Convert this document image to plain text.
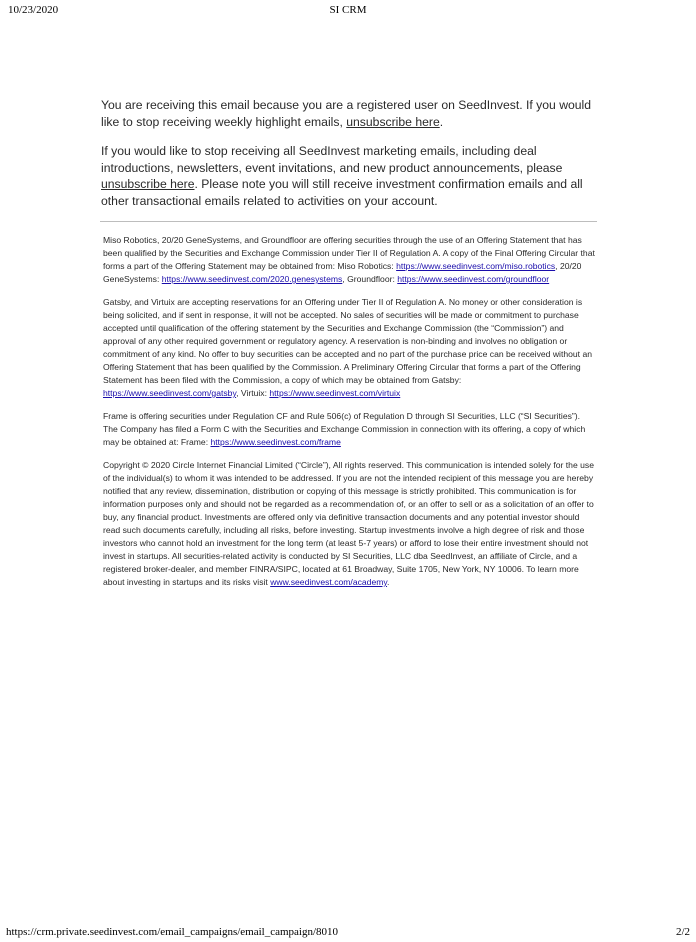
10/23/2020	SI CRM

You are receiving this email because you are a registered user on SeedInvest. If you would like to stop receiving weekly highlight emails, unsubscribe here.

If you would like to stop receiving all SeedInvest marketing emails, including deal introductions, newsletters, event invitations, and new product announcements, please unsubscribe here. Please note you will still receive investment confirmation emails and all other transactional emails related to activities on your account.

Miso Robotics, 20/20 GeneSystems, and Groundfloor are offering securities through the use of an Offering Statement that has been qualified by the Securities and Exchange Commission under Tier II of Regulation A. A copy of the Final Offering Circular that forms a part of the Offering Statement may be obtained from: Miso Robotics: https://www.seedinvest.com/miso.robotics, 20/20 GeneSystems: https://www.seedinvest.com/2020.genesystems, Groundfloor: https://www.seedinvest.com/groundfloor

Gatsby, and Virtuix are accepting reservations for an Offering under Tier II of Regulation A. No money or other consideration is being solicited, and if sent in response, it will not be accepted. No sales of securities will be made or commitment to purchase accepted until qualification of the offering statement by the Securities and Exchange Commission (the “Commission”) and approval of any other required government or regulatory agency. A reservation is non-binding and involves no obligation or commitment of any kind. No offer to buy securities can be accepted and no part of the purchase price can be received without an Offering Statement that has been qualified by the Commission. A Preliminary Offering Circular that forms a part of the Offering Statement has been filed with the Commission, a copy of which may be obtained from Gatsby: https://www.seedinvest.com/gatsby, Virtuix: https://www.seedinvest.com/virtuix

Frame is offering securities under Regulation CF and Rule 506(c) of Regulation D through SI Securities, LLC (“SI Securities”). The Company has filed a Form C with the Securities and Exchange Commission in connection with its offering, a copy of which may be obtained at: Frame: https://www.seedinvest.com/frame

Copyright © 2020 Circle Internet Financial Limited (“Circle”), All rights reserved. This communication is intended solely for the use of the individual(s) to whom it was intended to be addressed. If you are not the intended recipient of this message you are hereby notified that any review, dissemination, distribution or copying of this message is strictly prohibited. This communication is for information purposes only and should not be regarded as a recommendation of, or an offer to sell or as a solicitation of an offer to buy, any financial product. Investments are offered only via definitive transaction documents and any potential investor should read such documents carefully, including all risks, before investing. Startup investments involve a high degree of risk and those investors who cannot hold an investment for the long term (at least 5-7 years) or afford to lose their entire investment should not invest in startups. All securities-related activity is conducted by SI Securities, LLC dba SeedInvest, an affiliate of Circle, and a registered broker-dealer, and member FINRA/SIPC, located at 61 Broadway, Suite 1705, New York, NY 10006. To learn more about investing in startups and its risks visit www.seedinvest.com/academy.

https://crm.private.seedinvest.com/email_campaigns/email_campaign/8010	2/2
